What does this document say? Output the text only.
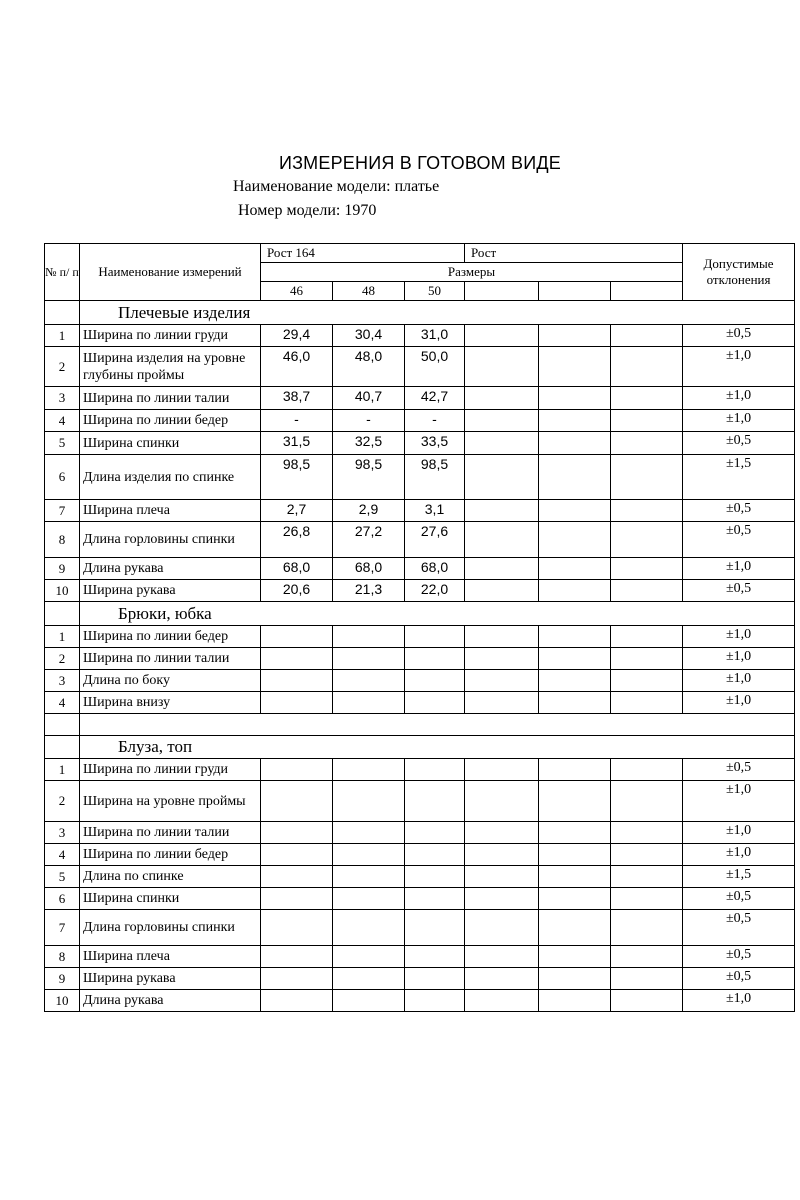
ИЗМЕРЕНИЯ В ГОТОВОМ ВИДЕ
Наименование модели: платье
Номер модели: 1970
№ п/ п	Наименование измерений	Рост 164			Рост			Допустимые отклонения
		Размеры						
		46	48	50				
	Плечевые изделия							
1	Ширина по линии груди	29,4	30,4	31,0				±0,5
2	Ширина изделия на уровне глубины проймы	46,0	48,0	50,0				±1,0
3	Ширина по линии талии	38,7	40,7	42,7				±1,0
4	Ширина по линии бедер	-	-	-				±1,0
5	Ширина спинки	31,5	32,5	33,5				±0,5
6	Длина изделия по спинке	98,5	98,5	98,5				±1,5
7	Ширина плеча	2,7	2,9	3,1				±0,5
8	Длина горловины спинки	26,8	27,2	27,6				±0,5
9	Длина рукава	68,0	68,0	68,0				±1,0
10	Ширина рукава	20,6	21,3	22,0				±0,5
	Брюки, юбка							
1	Ширина по линии бедер							±1,0
2	Ширина по линии талии							±1,0
3	Длина по боку							±1,0
4	Ширина внизу							±1,0

	Блуза, топ							
1	Ширина по линии груди							±0,5
2	Ширина на уровне проймы							±1,0
3	Ширина по линии талии							±1,0
4	Ширина по линии бедер							±1,0
5	Длина по спинке							±1,5
6	Ширина спинки							±0,5
7	Длина горловины спинки							±0,5
8	Ширина плеча							±0,5
9	Ширина рукава							±0,5
10	Длина рукава							±1,0
